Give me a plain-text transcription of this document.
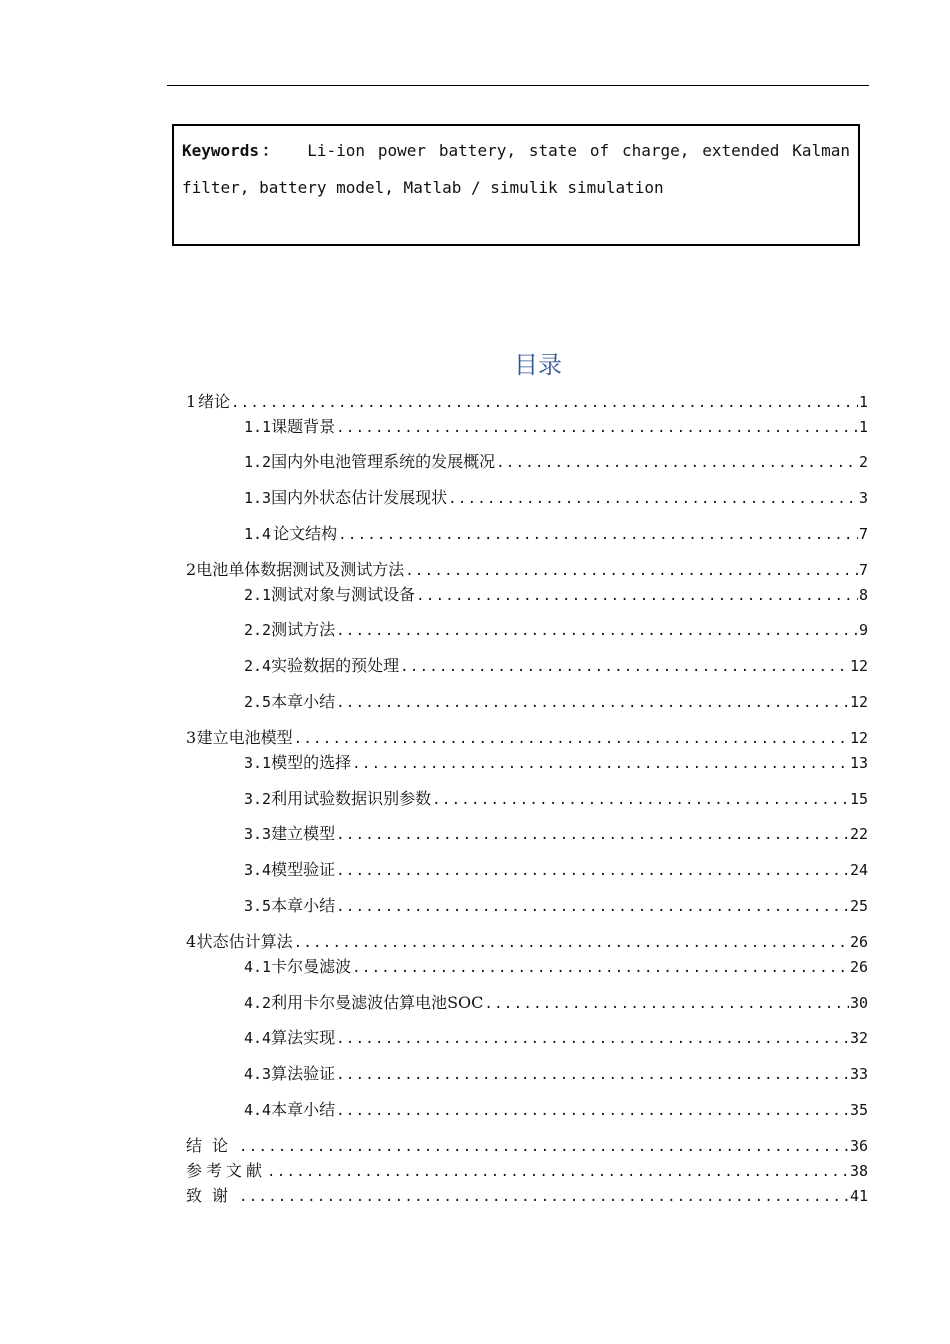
Keywords： Li-ion power battery, state of charge, extended Kalman filter, battery model, Matlab / simulik simulation
目录
1 绪论 .....	1
1.1 课题背景 .....	1
1.2 国内外电池管理系统的发展概况 .....	2
1.3 国内外状态估计发展现状 .....	3
1.4 论文结构 .....	7
2 电池单体数据测试及测试方法 .....	7
2.1 测试对象与测试设备 .....	8
2.2 测试方法 .....	9
2.4 实验数据的预处理 .....	12
2.5 本章小结 .....	12
3 建立电池模型 .....	12
3.1 模型的选择 .....	13
3.2 利用试验数据识别参数 .....	15
3.3 建立模型 .....	22
3.4 模型验证 .....	24
3.5 本章小结 .....	25
4 状态估计算法 .....	26
4.1 卡尔曼滤波 .....	26
4.2 利用卡尔曼滤波估算电池SOC .....	30
4.4 算法实现 .....	32
4.3 算法验证 .....	33
4.4 本章小结 .....	35
结论 .....	36
参考文献 .....	38
致谢 .....	41
